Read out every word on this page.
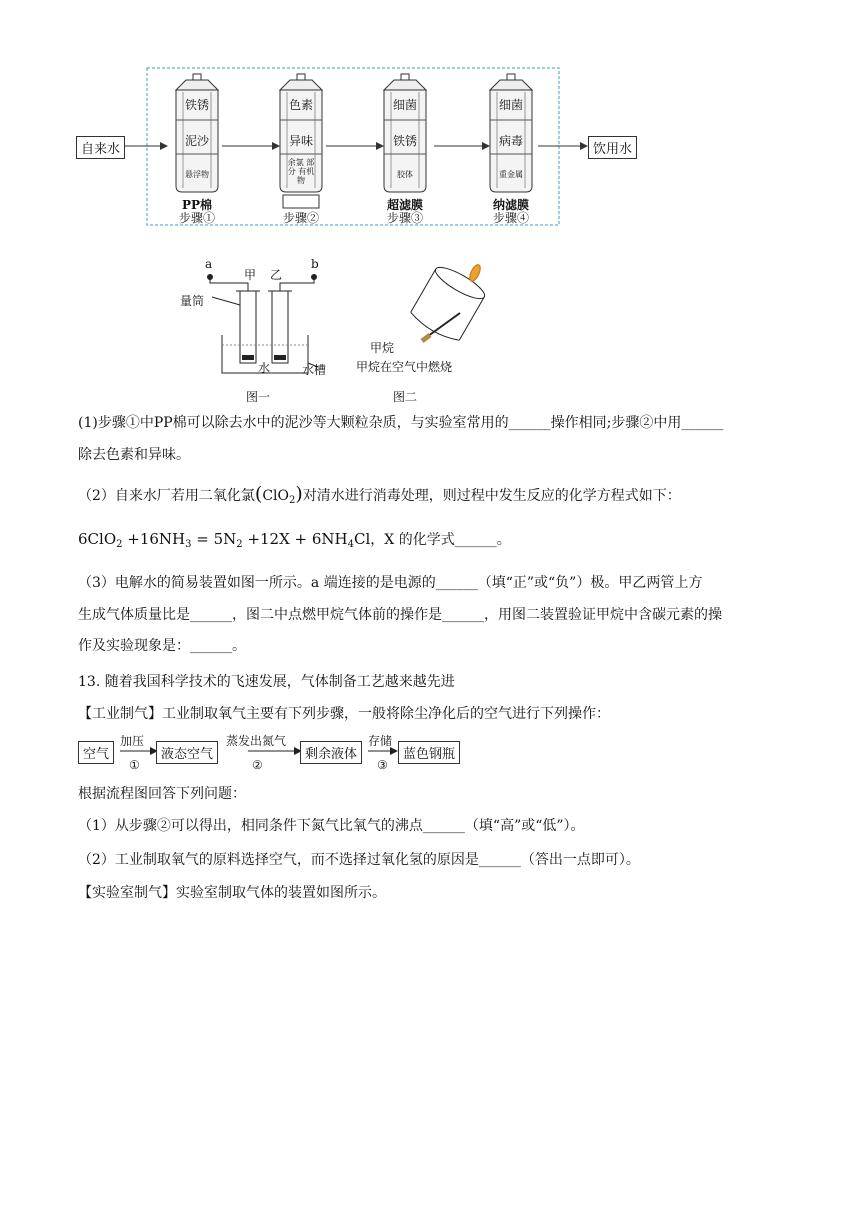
自来水	饮用水
铁锈
泥沙
悬浮物
PP棉
步骤①
色素
异味
余氯 部分 有机物
步骤②
细菌
铁锈
胶体
超滤膜
步骤③
细菌
病毒
重金属
纳滤膜
步骤④
a	b
甲 乙
量筒
水	水槽
图一
甲烷
甲烷在空气中燃烧
图二
(1)步骤①中PP棉可以除去水中的泥沙等大颗粒杂质，与实验室常用的______操作相同;步骤②中用______
除去色素和异味。
（2）自来水厂若用二氧化氯(ClO$_2$)对清水进行消毒处理，则过程中发生反应的化学方程式如下：
$6ClO_2 +16NH_3 = 5N_2 +12X + 6NH_4Cl$，X 的化学式______。
（3）电解水的简易装置如图一所示。a 端连接的是电源的______（填“正”或“负”）极。甲乙两管上方
生成气体质量比是______，图二中点燃甲烷气体前的操作是______，用图二装置验证甲烷中含碳元素的操
作及实验现象是：______。
13. 随着我国科学技术的飞速发展，气体制备工艺越来越先进
【工业制气】工业制取氧气主要有下列步骤，一般将除尘净化后的空气进行下列操作：
空气	液态空气	剩余液体	蓝色钢瓶
加压	蒸发出氮气	存储
①	②	③
根据流程图回答下列问题：
（1）从步骤②可以得出，相同条件下氮气比氧气的沸点______（填“高”或“低”）。
（2）工业制取氧气的原料选择空气，而不选择过氧化氢的原因是______（答出一点即可）。
【实验室制气】实验室制取气体的装置如图所示。
